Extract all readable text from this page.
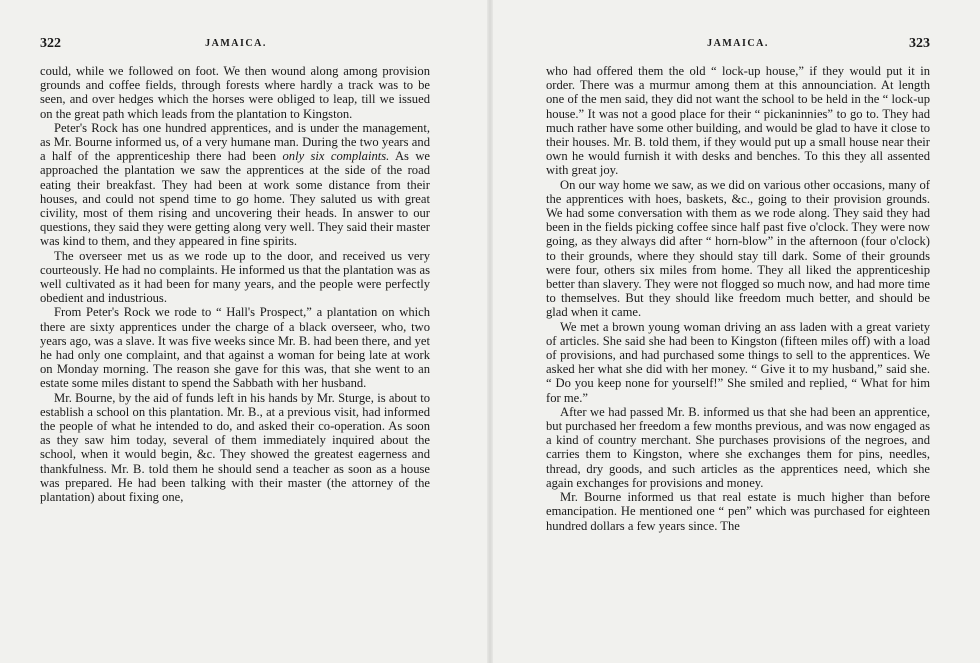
322	JAMAICA.

could, while we followed on foot. We then wound along among provision grounds and coffee fields, through forests where hardly a track was to be seen, and over hedges which the horses were obliged to leap, till we issued on the great path which leads from the plantation to Kingston.

Peter's Rock has one hundred apprentices, and is under the management, as Mr. Bourne informed us, of a very humane man. During the two years and a half of the apprenticeship there had been only six complaints. As we approached the plantation we saw the apprentices at the side of the road eating their breakfast. They had been at work some distance from their houses, and could not spend time to go home. They saluted us with great civility, most of them rising and uncovering their heads. In answer to our questions, they said they were getting along very well. They said their master was kind to them, and they appeared in fine spirits.

The overseer met us as we rode up to the door, and received us very courteously. He had no complaints. He informed us that the plantation was as well cultivated as it had been for many years, and the people were perfectly obedient and industrious.

From Peter's Rock we rode to “ Hall's Prospect,” a plantation on which there are sixty apprentices under the charge of a black overseer, who, two years ago, was a slave. It was five weeks since Mr. B. had been there, and yet he had only one complaint, and that against a woman for being late at work on Monday morning. The reason she gave for this was, that she went to an estate some miles distant to spend the Sabbath with her husband.

Mr. Bourne, by the aid of funds left in his hands by Mr. Sturge, is about to establish a school on this plantation. Mr. B., at a previous visit, had informed the people of what he intended to do, and asked their co-operation. As soon as they saw him today, several of them immediately inquired about the school, when it would begin, &c. They showed the greatest eagerness and thankfulness. Mr. B. told them he should send a teacher as soon as a house was prepared. He had been talking with their master (the attorney of the plantation) about fixing one,

JAMAICA.	323

who had offered them the old “ lock-up house,” if they would put it in order. There was a murmur among them at this announciation. At length one of the men said, they did not want the school to be held in the “ lock-up house.” It was not a good place for their “ pickaninnies” to go to. They had much rather have some other building, and would be glad to have it close to their houses. Mr. B. told them, if they would put up a small house near their own he would furnish it with desks and benches. To this they all assented with great joy.

On our way home we saw, as we did on various other occasions, many of the apprentices with hoes, baskets, &c., going to their provision grounds. We had some conversation with them as we rode along. They said they had been in the fields picking coffee since half past five o'clock. They were now going, as they always did after “ horn-blow” in the afternoon (four o'clock) to their grounds, where they should stay till dark. Some of their grounds were four, others six miles from home. They all liked the apprenticeship better than slavery. They were not flogged so much now, and had more time to themselves. But they should like freedom much better, and should be glad when it came.

We met a brown young woman driving an ass laden with a great variety of articles. She said she had been to Kingston (fifteen miles off) with a load of provisions, and had purchased some things to sell to the apprentices. We asked her what she did with her money. “ Give it to my husband,” said she. “ Do you keep none for yourself!” She smiled and replied, “ What for him for me.”

After we had passed Mr. B. informed us that she had been an apprentice, but purchased her freedom a few months previous, and was now engaged as a kind of country merchant. She purchases provisions of the negroes, and carries them to Kingston, where she exchanges them for pins, needles, thread, dry goods, and such articles as the apprentices need, which she again exchanges for provisions and money.

Mr. Bourne informed us that real estate is much higher than before emancipation. He mentioned one “ pen” which was purchased for eighteen hundred dollars a few years since. The
